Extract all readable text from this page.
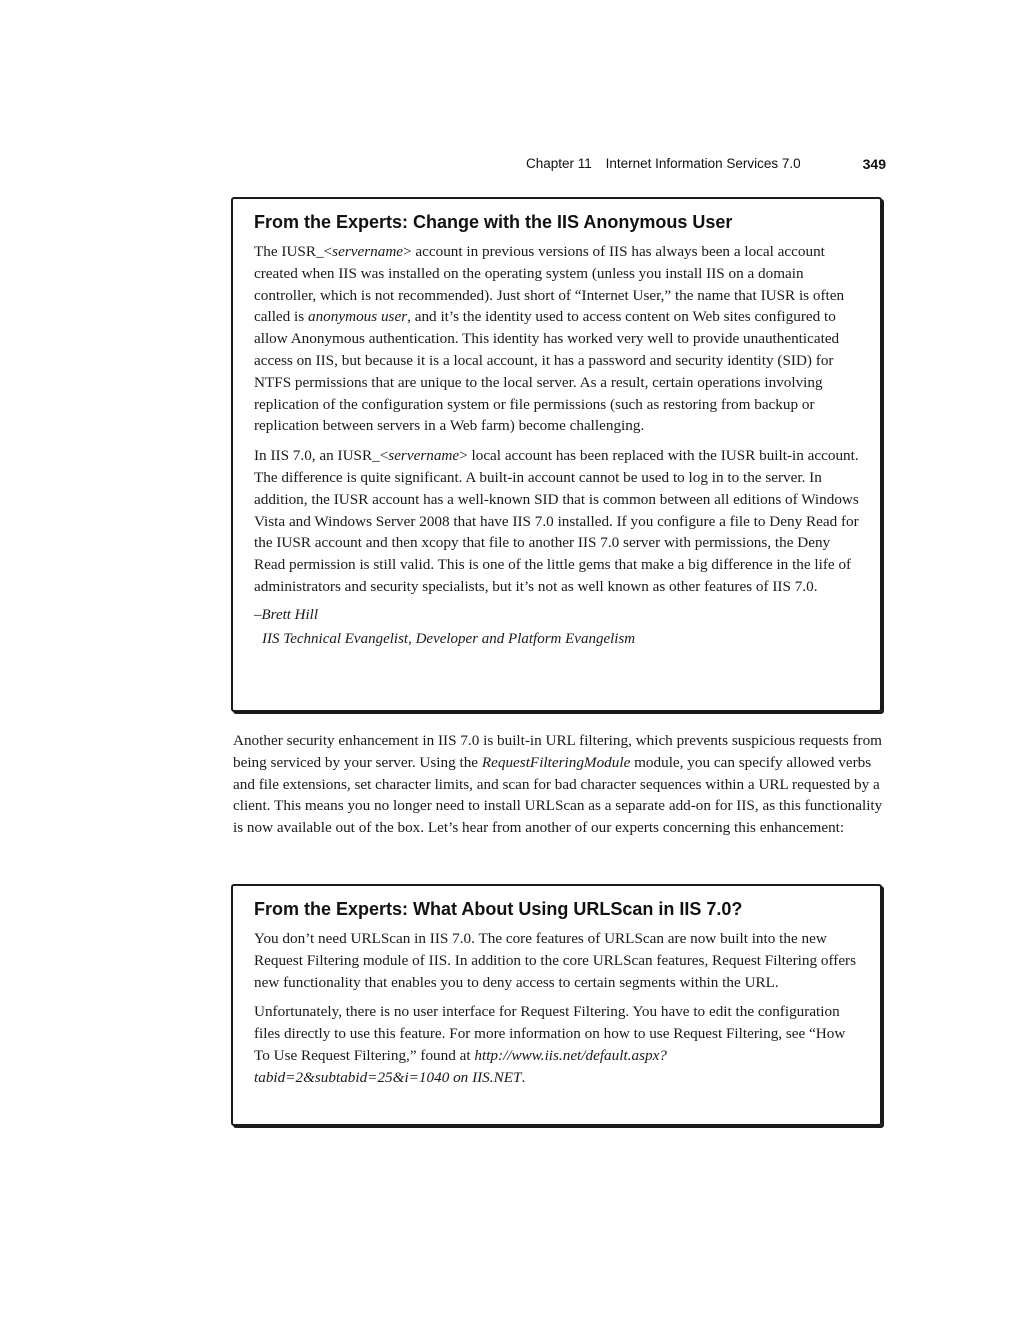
Chapter 11 Internet Information Services 7.0	349
From the Experts: Change with the IIS Anonymous User

The IUSR_<servername> account in previous versions of IIS has always been a local account created when IIS was installed on the operating system (unless you install IIS on a domain controller, which is not recommended). Just short of “Internet User,” the name that IUSR is often called is anonymous user, and it’s the identity used to access content on Web sites configured to allow Anonymous authentication. This identity has worked very well to provide unauthenticated access on IIS, but because it is a local account, it has a password and security identity (SID) for NTFS permissions that are unique to the local server. As a result, certain operations involving replication of the configuration system or file permissions (such as restoring from backup or replication between servers in a Web farm) become challenging.

In IIS 7.0, an IUSR_<servername> local account has been replaced with the IUSR built-in account. The difference is quite significant. A built-in account cannot be used to log in to the server. In addition, the IUSR account has a well-known SID that is common between all editions of Windows Vista and Windows Server 2008 that have IIS 7.0 installed. If you configure a file to Deny Read for the IUSR account and then xcopy that file to another IIS 7.0 server with permissions, the Deny Read permission is still valid. This is one of the little gems that make a big difference in the life of administrators and security specialists, but it’s not as well known as other features of IIS 7.0.

–Brett Hill
IIS Technical Evangelist, Developer and Platform Evangelism

Another security enhancement in IIS 7.0 is built-in URL filtering, which prevents suspicious requests from being serviced by your server. Using the RequestFilteringModule module, you can specify allowed verbs and file extensions, set character limits, and scan for bad character sequences within a URL requested by a client. This means you no longer need to install URLScan as a separate add-on for IIS, as this functionality is now available out of the box. Let’s hear from another of our experts concerning this enhancement:

From the Experts: What About Using URLScan in IIS 7.0?

You don’t need URLScan in IIS 7.0. The core features of URLScan are now built into the new Request Filtering module of IIS. In addition to the core URLScan features, Request Filtering offers new functionality that enables you to deny access to certain segments within the URL.

Unfortunately, there is no user interface for Request Filtering. You have to edit the configuration files directly to use this feature. For more information on how to use Request Filtering, see “How To Use Request Filtering,” found at http://www.iis.net/default.aspx?tabid=2&subtabid=25&i=1040 on IIS.NET.
